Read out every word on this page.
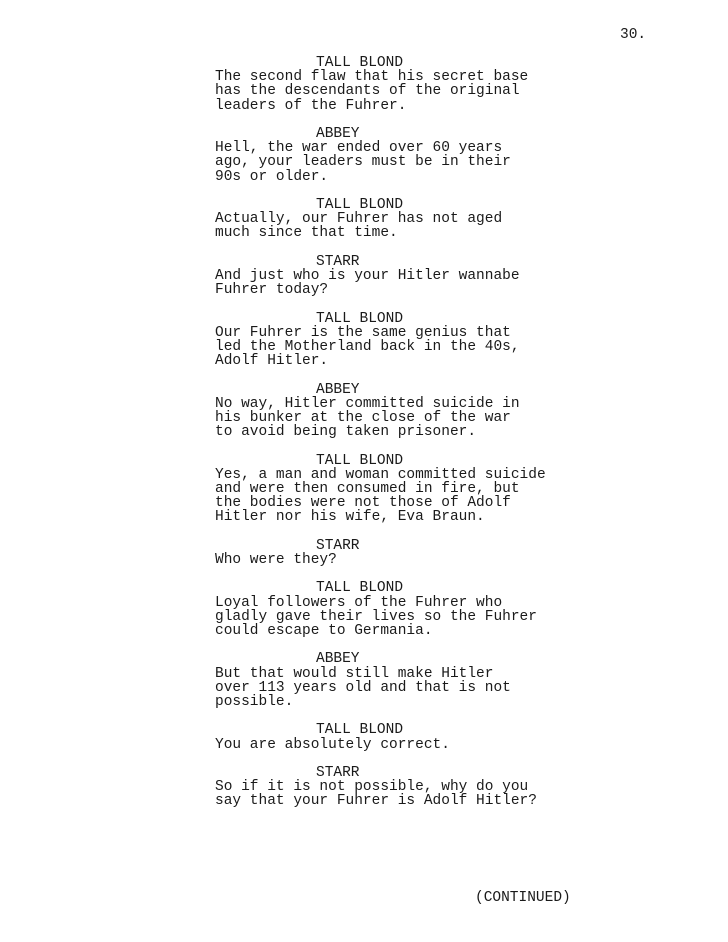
30.
TALL BLOND
The second flaw that his secret base
has the descendants of the original
leaders of the Fuhrer.
ABBEY
Hell, the war ended over 60 years
ago, your leaders must be in their
90s or older.
TALL BLOND
Actually, our Fuhrer has not aged
much since that time.
STARR
And just who is your Hitler wannabe
Fuhrer today?
TALL BLOND
Our Fuhrer is the same genius that
led the Motherland back in the 40s,
Adolf Hitler.
ABBEY
No way, Hitler committed suicide in
his bunker at the close of the war
to avoid being taken prisoner.
TALL BLOND
Yes, a man and woman committed suicide
and were then consumed in fire, but
the bodies were not those of Adolf
Hitler nor his wife, Eva Braun.
STARR
Who were they?
TALL BLOND
Loyal followers of the Fuhrer who
gladly gave their lives so the Fuhrer
could escape to Germania.
ABBEY
But that would still make Hitler
over 113 years old and that is not
possible.
TALL BLOND
You are absolutely correct.
STARR
So if it is not possible, why do you
say that your Fuhrer is Adolf Hitler?
(CONTINUED)
